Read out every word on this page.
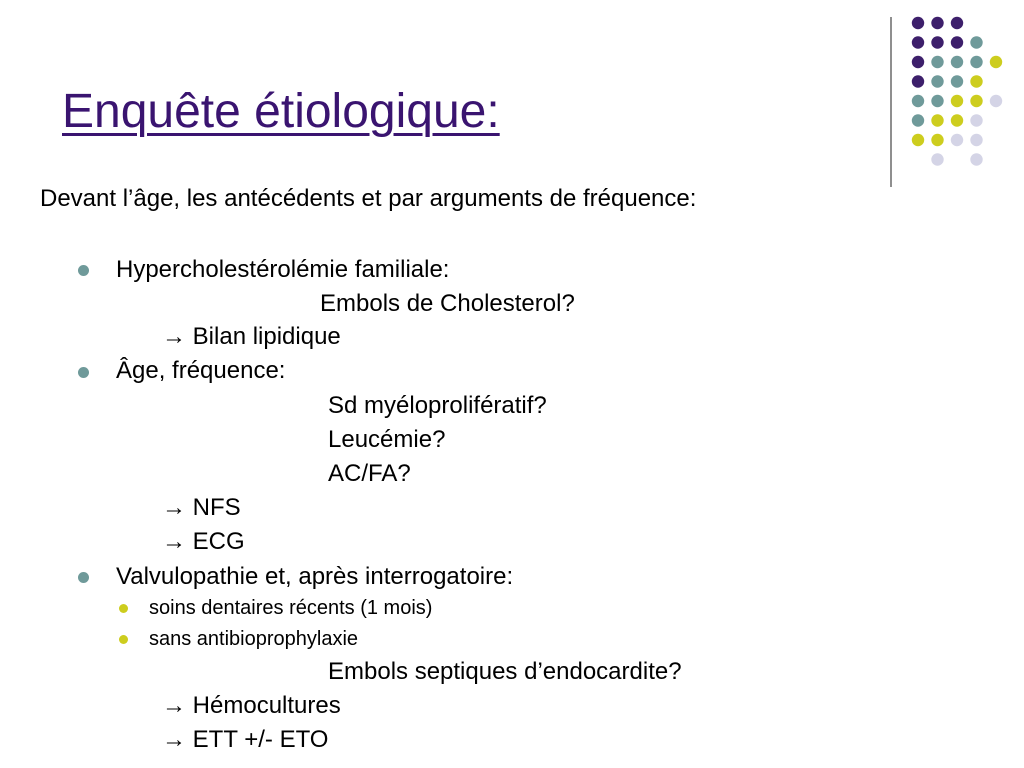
Enquête étiologique:
Devant l’âge, les antécédents et par arguments de fréquence:
Hypercholestérolémie familiale:
Embols de Cholesterol?
→ Bilan lipidique
Âge, fréquence:
Sd myéloprolifératif?
Leucémie?
AC/FA?
→ NFS
→ ECG
Valvulopathie et, après interrogatoire:
soins dentaires récents (1 mois)
sans antibioprophylaxie
Embols septiques d’endocardite?
→ Hémocultures
→ ETT +/- ETO
